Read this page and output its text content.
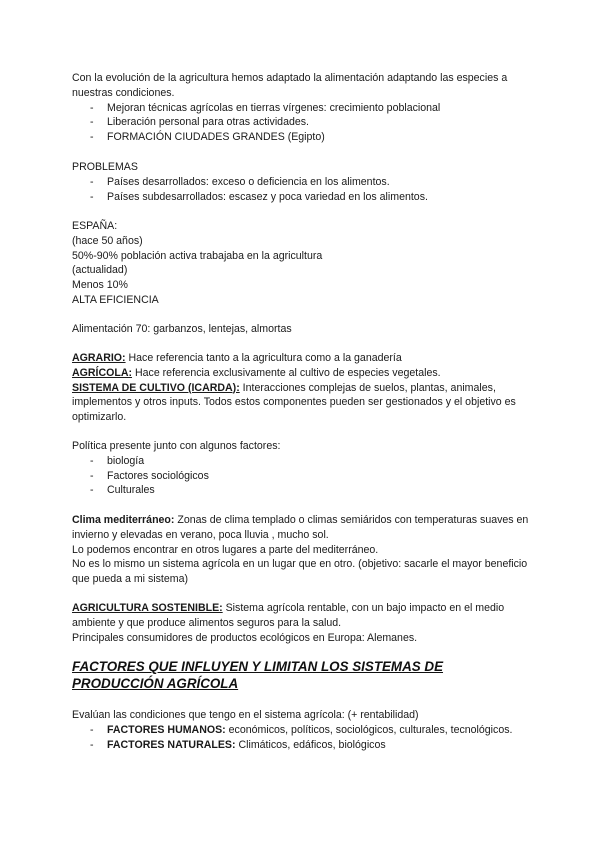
Con la evolución de la agricultura hemos adaptado la alimentación adaptando las especies a nuestras condiciones.

- Mejoran técnicas agrícolas en tierras vírgenes: crecimiento poblacional
- Liberación personal para otras actividades.
- FORMACIÓN CIUDADES GRANDES (Egipto)

PROBLEMAS

- Países desarrollados: exceso o deficiencia en los alimentos.
- Países subdesarrollados: escasez y poca variedad en los alimentos.

ESPAÑA:

(hace 50 años)

50%-90% población activa trabajaba en la agricultura

(actualidad)

Menos 10%

ALTA EFICIENCIA

Alimentación 70: garbanzos, lentejas, almortas

AGRARIO: Hace referencia tanto a la agricultura como a la ganadería

AGRÍCOLA: Hace referencia exclusivamente al cultivo de especies vegetales.

SISTEMA DE CULTIVO (ICARDA): Interacciones complejas de suelos, plantas, animales, implementos y otros inputs. Todos estos componentes pueden ser gestionados y el objetivo es optimizarlo.

Política presente junto con algunos factores:

- biología
- Factores sociológicos
- Culturales

Clima mediterráneo: Zonas de clima templado o climas semiáridos con temperaturas suaves en invierno y elevadas en verano, poca lluvia , mucho sol.

Lo podemos encontrar en otros lugares a parte del mediterráneo.

No es lo mismo un sistema agrícola en un lugar que en otro. (objetivo: sacarle el mayor beneficio que pueda a mi sistema)

AGRICULTURA SOSTENIBLE: Sistema agrícola rentable, con un bajo impacto en el medio ambiente y que produce alimentos seguros para la salud.

Principales consumidores de productos ecológicos en Europa: Alemanes.

FACTORES QUE INFLUYEN Y LIMITAN LOS SISTEMAS DE PRODUCCIÓN AGRÍCOLA

Evalúan las condiciones que tengo en el sistema agrícola: (+ rentabilidad)

- FACTORES HUMANOS: económicos, políticos, sociológicos, culturales, tecnológicos.
- FACTORES NATURALES: Climáticos, edáficos, biológicos
